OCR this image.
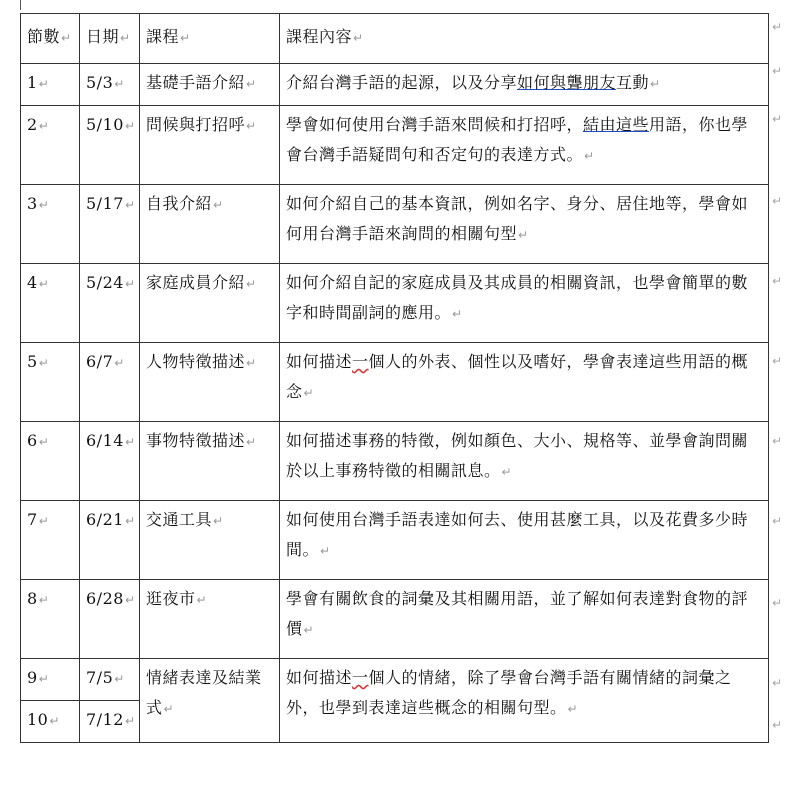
節數↵	日期↵	課程↵	課程內容↵
1↵	5/3↵	基礎手語介紹↵	介紹台灣手語的起源，以及分享如何與聾朋友互動↵
2↵	5/10↵	問候與打招呼↵	學會如何使用台灣手語來問候和打招呼，結由這些用語，你也學會台灣手語疑問句和否定句的表達方式。↵
3↵	5/17↵	自我介紹↵	如何介紹自己的基本資訊，例如名字、身分、居住地等，學會如何用台灣手語來詢問的相關句型↵
4↵	5/24↵	家庭成員介紹↵	如何介紹自記的家庭成員及其成員的相關資訊，也學會簡單的數字和時間副詞的應用。↵
5↵	6/7↵	人物特徵描述↵	如何描述一個人的外表、個性以及嗜好，學會表達這些用語的概念↵
6↵	6/14↵	事物特徵描述↵	如何描述事務的特徵，例如顏色、大小、規格等、並學會詢問關於以上事務特徵的相關訊息。↵
7↵	6/21↵	交通工具↵	如何使用台灣手語表達如何去、使用甚麼工具，以及花費多少時間。↵
8↵	6/28↵	逛夜市↵	學會有關飲食的詞彙及其相關用語，並了解如何表達對食物的評價↵
9↵	7/5↵	情緒表達及結業式↵	如何描述一個人的情緒，除了學會台灣手語有關情緒的詞彙之外，也學到表達這些概念的相關句型。↵
10↵	7/12↵		
↵
↵
↵
↵
↵
↵
↵
↵
↵
↵
↵
